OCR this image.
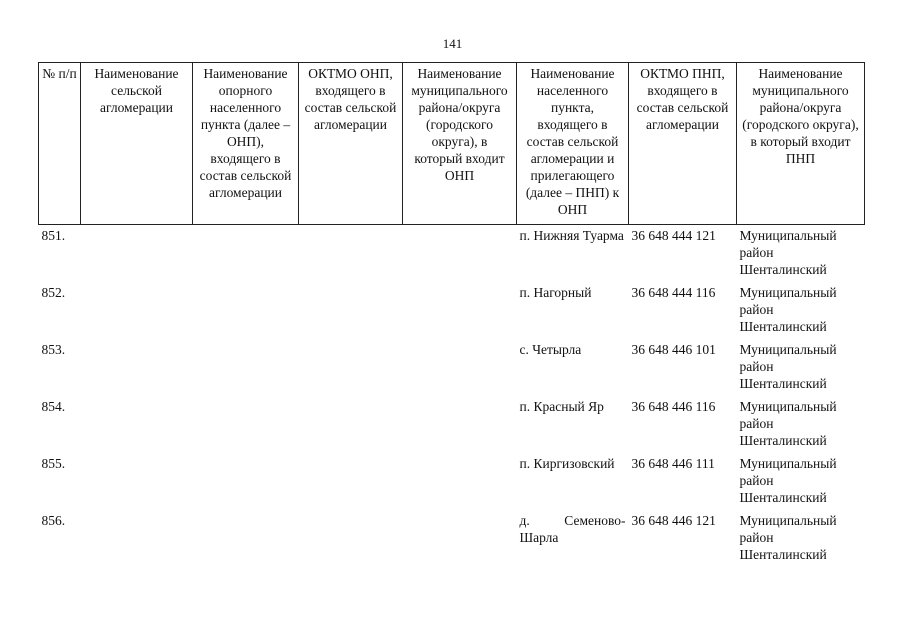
141
№ п/п	Наименование сельской агломерации	Наименование опорного населенного пункта (далее – ОНП), входящего в состав сельской агломерации	ОКТМО ОНП, входящего в состав сельской агломерации	Наименование муниципального района/округа (городского округа), в который входит ОНП	Наименование населенного пункта, входящего в состав сельской агломерации и прилегающего (далее – ПНП) к ОНП	ОКТМО ПНП, входящего в состав сельской агломерации	Наименование муниципального района/округа (городского округа), в который входит ПНП
851.					п. Нижняя Туарма	36 648 444 121	Муниципальный район Шенталинский
852.					п. Нагорный	36 648 444 116	Муниципальный район Шенталинский
853.					с. Четырла	36 648 446 101	Муниципальный район Шенталинский
854.					п. Красный Яр	36 648 446 116	Муниципальный район Шенталинский
855.					п. Киргизовский	36 648 446 111	Муниципальный район Шенталинский
856.					д. Семеново-Шарла	36 648 446 121	Муниципальный район Шенталинский
